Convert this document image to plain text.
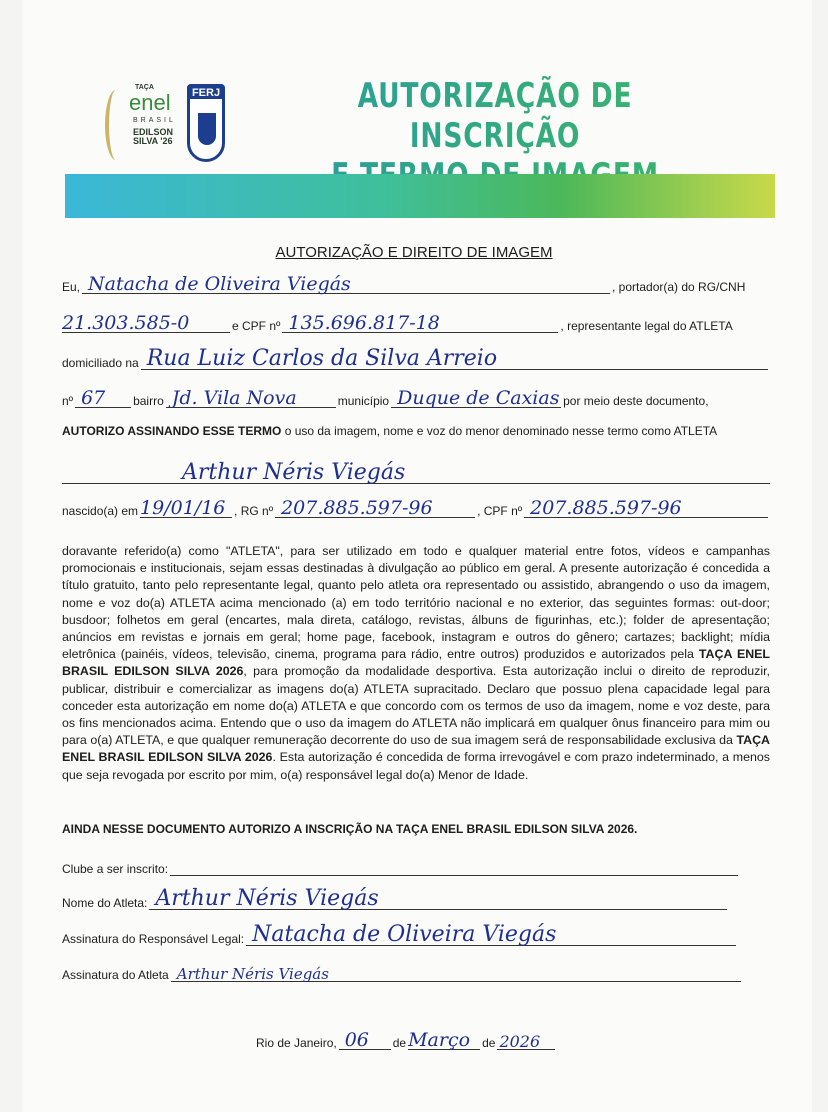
TAÇA
enel
BRASIL
EDILSON SILVA '26
FERJ	AUTORIZAÇÃO DE INSCRIÇÃO
AUTORIZAÇÃO E DIREITO DE IMAGEM
Eu, Natacha de Oliveira Viegás	, portador(a) do RG/CNH
21.303.585-0	e CPF nº 135.696.817-18	, representante legal do ATLETA
domiciliado na Rua Luiz Carlos da Silva Arreio
nº 67 bairro Jd. Vila Nova	município Duque de Caxias por meio deste documento,
AUTORIZO ASSINANDO ESSE TERMO o uso da imagem, nome e voz do menor denominado nesse termo como ATLETA
Arthur Néris Viegás
nascido(a) em 19/01/16 , RG nº 207.885.597-96	, CPF nº 207.885.597-96
doravante referido(a) como "ATLETA", para ser utilizado em todo e qualquer material entre fotos, vídeos e campanhas promocionais e institucionais, sejam essas destinadas à divulgação ao público em geral. A presente autorização é concedida a título gratuito, tanto pelo representante legal, quanto pelo atleta ora representado ou assistido, abrangendo o uso da imagem, nome e voz do(a) ATLETA acima mencionado (a) em todo território nacional e no exterior, das seguintes formas: out-door; busdoor; folhetos em geral (encartes, mala direta, catálogo, revistas, álbuns de figurinhas, etc.); folder de apresentação; anúncios em revistas e jornais em geral; home page, facebook, instagram e outros do gênero; cartazes; backlight; mídia eletrônica (painéis, vídeos, televisão, cinema, programa para rádio, entre outros) produzidos e autorizados pela TAÇA ENEL BRASIL EDILSON SILVA 2026, para promoção da modalidade desportiva. Esta autorização inclui o direito de reproduzir, publicar, distribuir e comercializar as imagens do(a) ATLETA supracitado. Declaro que possuo plena capacidade legal para conceder esta autorização em nome do(a) ATLETA e que concordo com os termos de uso da imagem, nome e voz deste, para os fins mencionados acima. Entendo que o uso da imagem do ATLETA não implicará em qualquer ônus financeiro para mim ou para o(a) ATLETA, e que qualquer remuneração decorrente do uso de sua imagem será de responsabilidade exclusiva da TAÇA ENEL BRASIL EDILSON SILVA 2026. Esta autorização é concedida de forma irrevogável e com prazo indeterminado, a menos que seja revogada por escrito por mim, o(a) responsável legal do(a) Menor de Idade.
AINDA NESSE DOCUMENTO AUTORIZO A INSCRIÇÃO NA TAÇA ENEL BRASIL EDILSON SILVA 2026.
Clube a ser inscrito:
Nome do Atleta: Arthur Néris Viegás
Assinatura do Responsável Legal: Natacha de Oliveira Viegás
Assinatura do Atleta Arthur Néris Viegás
Rio de Janeiro, 06 de Março de 2026
